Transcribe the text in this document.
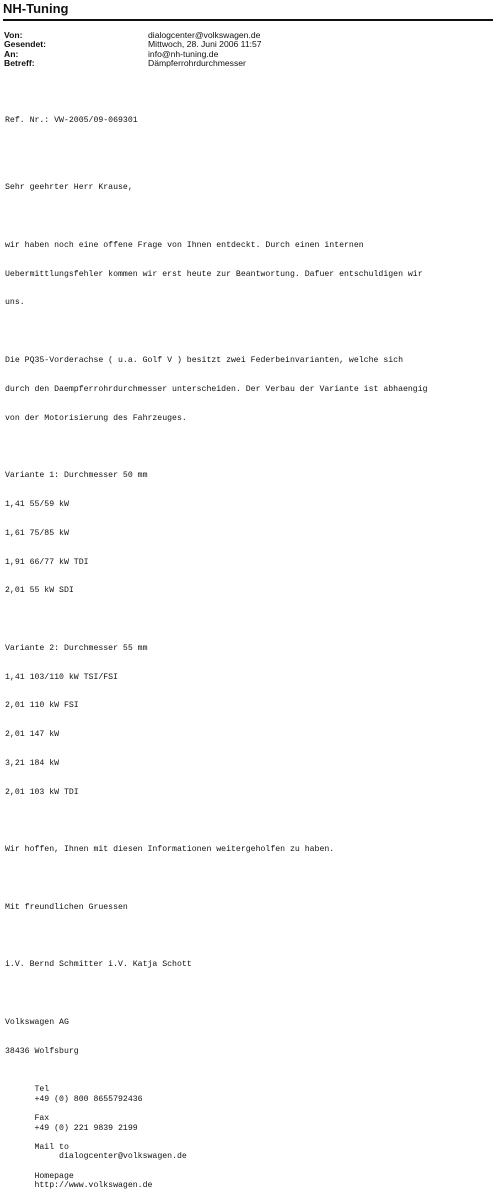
NH-Tuning
Von:	dialogcenter@volkswagen.de
Gesendet:	Mittwoch, 28. Juni 2006 11:57
An:	info@nh-tuning.de
Betreff:	Dämpferrohrdurchmesser

Ref. Nr.: VW-2005/09-069301

Sehr geehrter Herr Krause,

wir haben noch eine offene Frage von Ihnen entdeckt. Durch einen internen

Uebermittlungsfehler kommen wir erst heute zur Beantwortung. Dafuer entschuldigen wir

uns.

Die PQ35-Vorderachse ( u.a. Golf V ) besitzt zwei Federbeinvarianten, welche sich

durch den Daempferrohrdurchmesser unterscheiden. Der Verbau der Variante ist abhaengig

von der Motorisierung des Fahrzeuges.

Variante 1: Durchmesser 50 mm

1,41 55/59 kW

1,61 75/85 kW

1,91 66/77 kW TDI

2,01 55 kW SDI

Variante 2: Durchmesser 55 mm

1,41 103/110 kW TSI/FSI

2,01 110 kW FSI

2,01 147 kW

3,21 184 kW

2,01 103 kW TDI

Wir hoffen, Ihnen mit diesen Informationen weitergeholfen zu haben.

Mit freundlichen Gruessen

i.V. Bernd Schmitter i.V. Katja Schott

Volkswagen AG

38436 Wolfsburg

Tel
+49 (0) 800 8655792436

Fax
+49 (0) 221 9839 2199

Mail to
dialogcenter@volkswagen.de

Homepage
http://www.volkswagen.de
